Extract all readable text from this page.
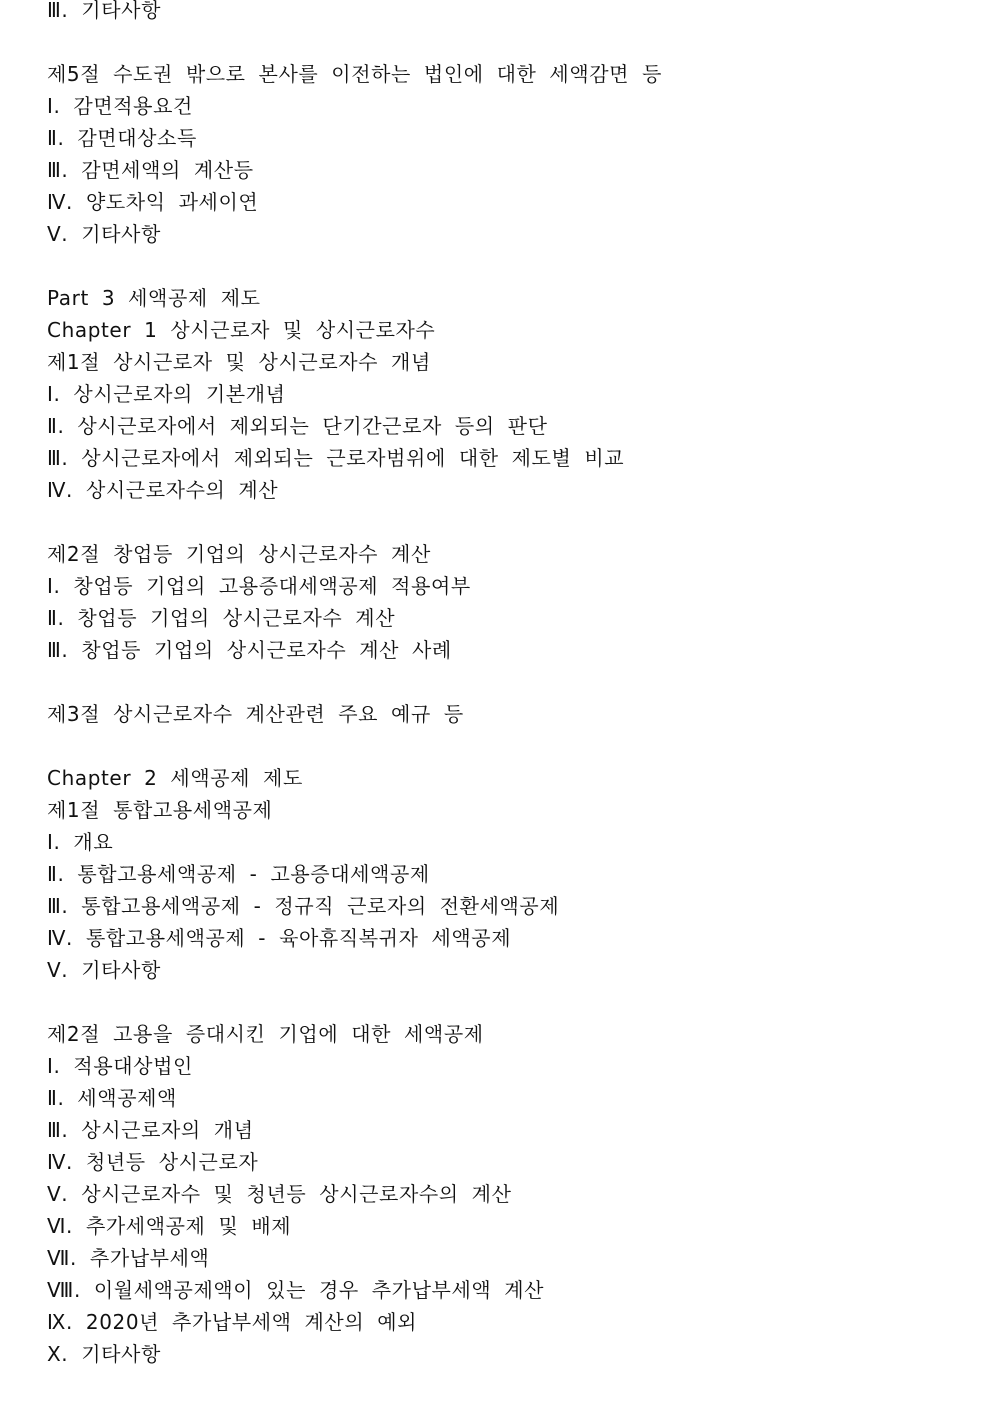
Ⅲ. 기타사항
제5절 수도권 밖으로 본사를 이전하는 법인에 대한 세액감면 등
Ⅰ. 감면적용요건
Ⅱ. 감면대상소득
Ⅲ. 감면세액의 계산등
Ⅳ. 양도차익 과세이연
Ⅴ. 기타사항
Part 3 세액공제 제도
Chapter 1 상시근로자 및 상시근로자수
제1절 상시근로자 및 상시근로자수 개념
Ⅰ. 상시근로자의 기본개념
Ⅱ. 상시근로자에서 제외되는 단기간근로자 등의 판단
Ⅲ. 상시근로자에서 제외되는 근로자범위에 대한 제도별 비교
Ⅳ. 상시근로자수의 계산
제2절 창업등 기업의 상시근로자수 계산
Ⅰ. 창업등 기업의 고용증대세액공제 적용여부
Ⅱ. 창업등 기업의 상시근로자수 계산
Ⅲ. 창업등 기업의 상시근로자수 계산 사례
제3절 상시근로자수 계산관련 주요 예규 등
Chapter 2 세액공제 제도
제1절 통합고용세액공제
Ⅰ. 개요
Ⅱ. 통합고용세액공제 - 고용증대세액공제
Ⅲ. 통합고용세액공제 - 정규직 근로자의 전환세액공제
Ⅳ. 통합고용세액공제 - 육아휴직복귀자 세액공제
Ⅴ. 기타사항
제2절 고용을 증대시킨 기업에 대한 세액공제
Ⅰ. 적용대상법인
Ⅱ. 세액공제액
Ⅲ. 상시근로자의 개념
Ⅳ. 청년등 상시근로자
Ⅴ. 상시근로자수 및 청년등 상시근로자수의 계산
Ⅵ. 추가세액공제 및 배제
Ⅶ. 추가납부세액
Ⅷ. 이월세액공제액이 있는 경우 추가납부세액 계산
Ⅸ. 2020년 추가납부세액 계산의 예외
Ⅹ. 기타사항
